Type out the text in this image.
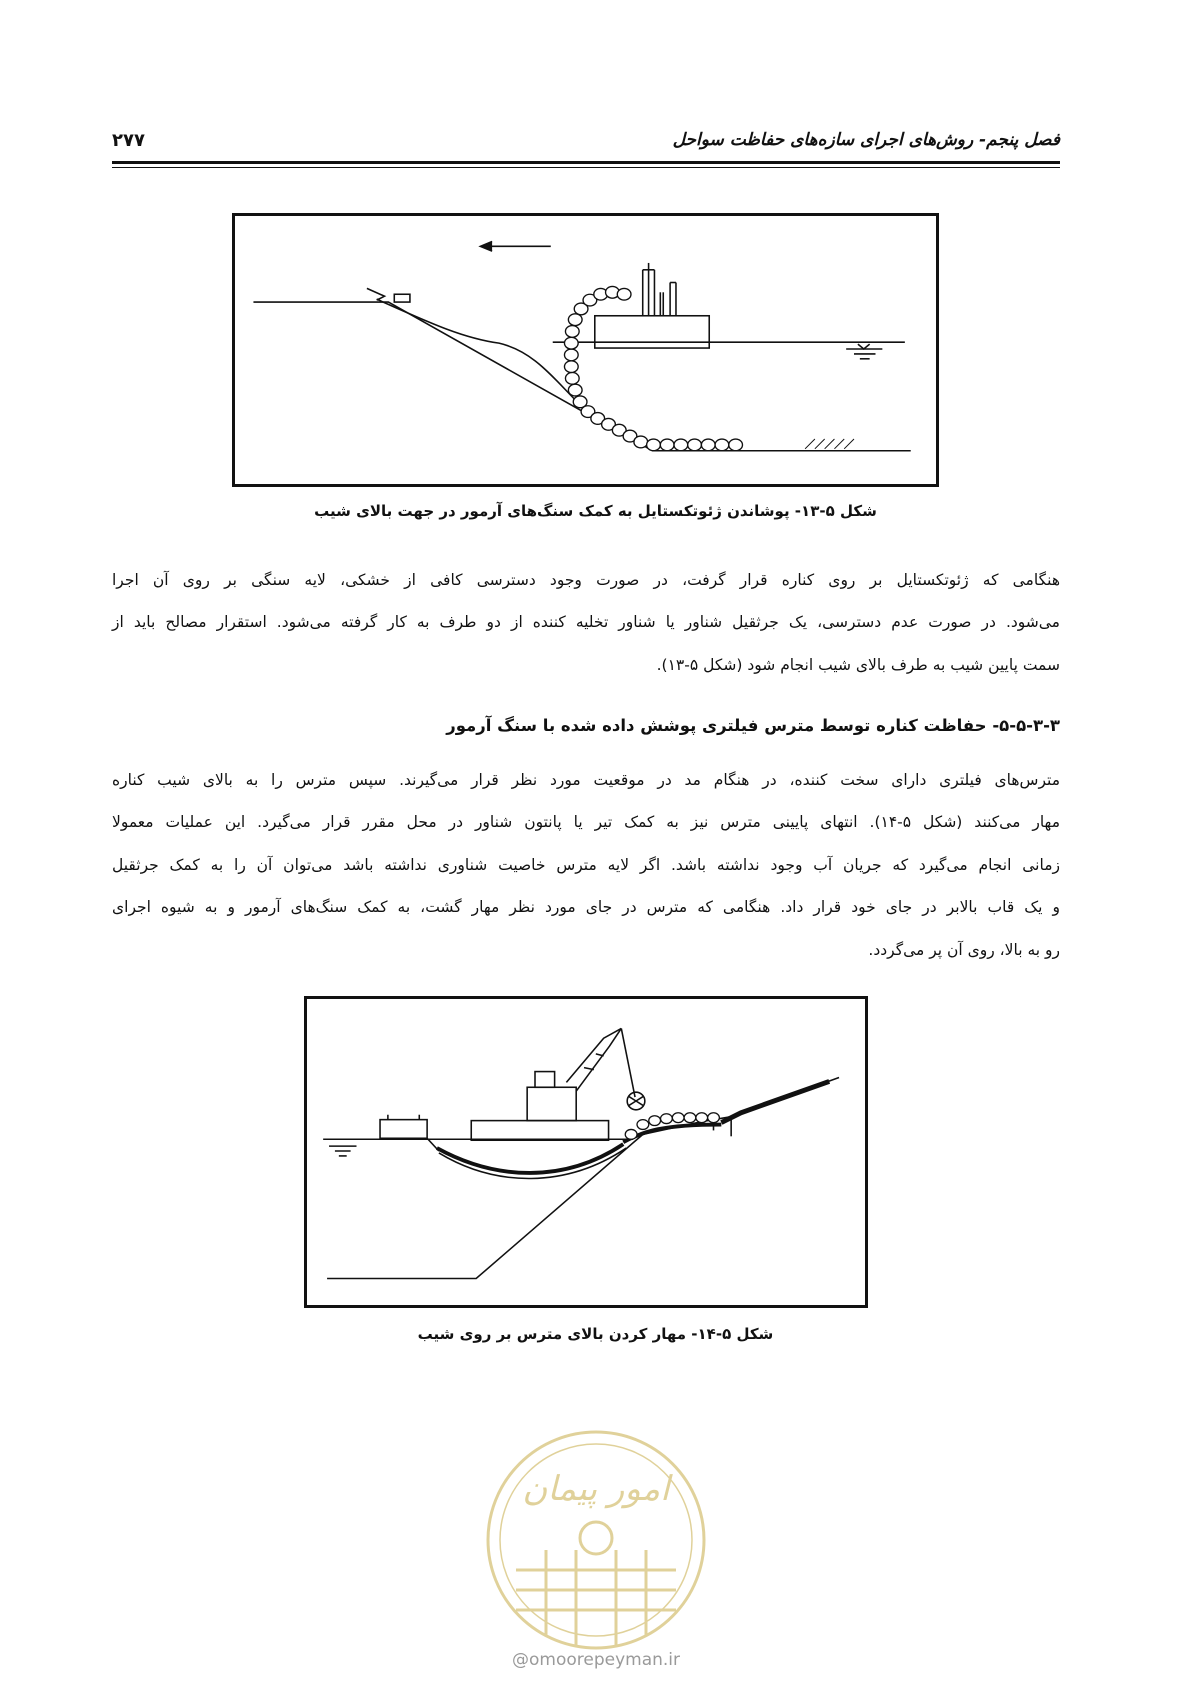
فصل پنجم- روش‌های اجرای سازه‌های حفاظت سواحل
۲۷۷
شکل ۵-۱۳- پوشاندن ژئوتکستایل به کمک سنگ‌های آرمور در جهت بالای شیب
هنگامی که ژئوتکستایل بر روی کناره قرار گرفت، در صورت وجود دسترسی کافی از خشکی، لایه سنگی بر روی آن اجرا
می‌شود. در صورت عدم دسترسی، یک جرثقیل شناور یا شناور تخلیه کننده از دو طرف به کار گرفته می‌شود. استقرار مصالح باید از
سمت پایین شیب به طرف بالای شیب انجام شود (شکل ۵-۱۳).
۵-۵-۳-۳- حفاظت کناره توسط مترس فیلتری پوشش داده شده با سنگ آرمور
مترس‌های فیلتری دارای سخت کننده، در هنگام مد در موقعیت مورد نظر قرار می‌گیرند. سپس مترس را به بالای شیب کناره
مهار می‌کنند (شکل ۵-۱۴). انتهای پایینی مترس نیز به کمک تیر یا پانتون شناور در محل مقرر قرار می‌گیرد. این عملیات معمولا
زمانی انجام می‌گیرد که جریان آب وجود نداشته باشد. اگر لایه مترس خاصیت شناوری نداشته باشد می‌توان آن را به کمک جرثقیل
و یک قاب بالابر در جای خود قرار داد. هنگامی که مترس در جای مورد نظر مهار گشت، به کمک سنگ‌های آرمور و به شیوه اجرای
رو به بالا، روی آن پر می‌گردد.
شکل ۵-۱۴- مهار کردن بالای مترس بر روی شیب
امور پیمان
@omoorepeyman.ir
